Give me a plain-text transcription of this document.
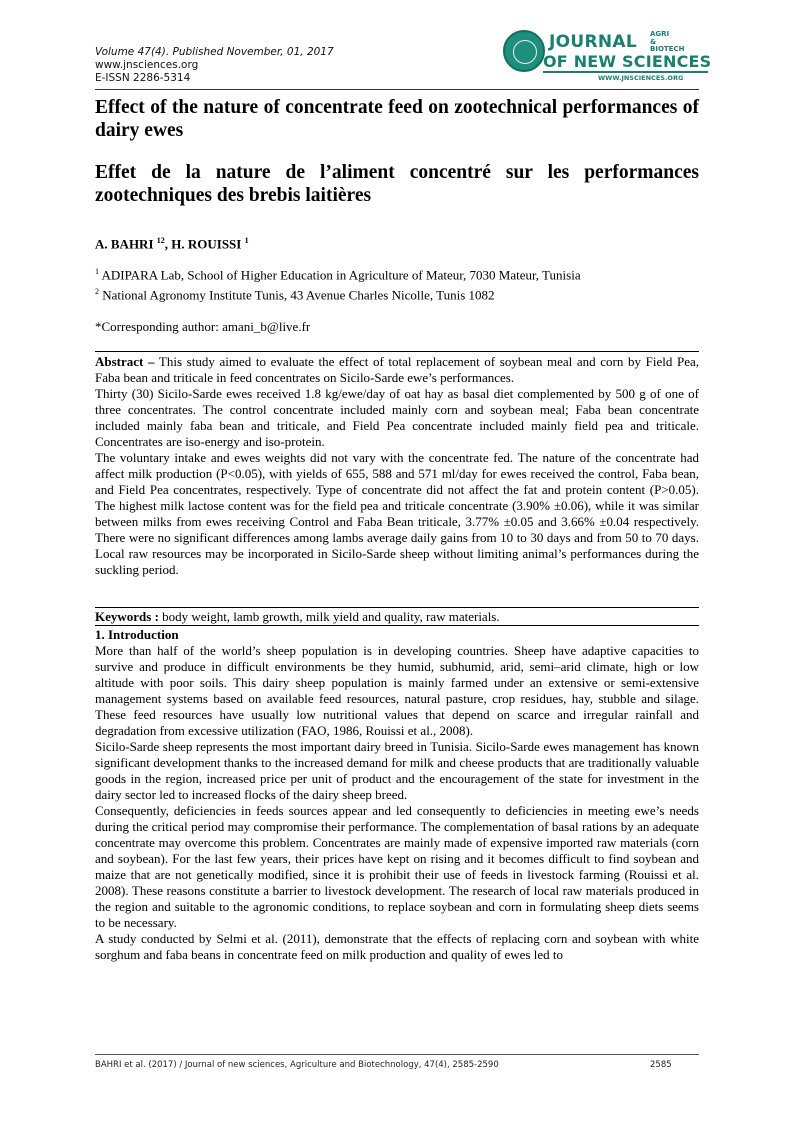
Volume 47(4). Published November, 01, 2017
www.jnsciences.org
E-ISSN 2286-5314
JOURNAL AGRI
&
BIOTECH
OF NEW SCIENCES
WWW.JNSCIENCES.ORG
Effect of the nature of concentrate feed on zootechnical performances of dairy ewes
Effet de la nature de l’aliment concentré sur les performances zootechniques des brebis laitières
A. BAHRI $^{12}$, H. ROUISSI $^1$
$^1$ ADIPARA Lab, School of Higher Education in Agriculture of Mateur, 7030 Mateur, Tunisia
$^2$ National Agronomy Institute Tunis, 43 Avenue Charles Nicolle, Tunis 1082
*Corresponding author: amani_b@live.fr

Abstract – This study aimed to evaluate the effect of total replacement of soybean meal and corn by Field Pea, Faba bean and triticale in feed concentrates on Sicilo-Sarde ewe’s performances.

Thirty (30) Sicilo-Sarde ewes received 1.8 kg/ewe/day of oat hay as basal diet complemented by 500 g of one of three concentrates. The control concentrate included mainly corn and soybean meal; Faba bean concentrate included mainly faba bean and triticale, and Field Pea concentrate included mainly field pea and triticale. Concentrates are iso-energy and iso-protein.

The voluntary intake and ewes weights did not vary with the concentrate fed. The nature of the concentrate had affect milk production (P<0.05), with yields of 655, 588 and 571 ml/day for ewes received the control, Faba bean, and Field Pea concentrates, respectively. Type of concentrate did not affect the fat and protein content (P>0.05). The highest milk lactose content was for the field pea and triticale concentrate (3.90% ±0.06), while it was similar between milks from ewes receiving Control and Faba Bean triticale, 3.77% ±0.05 and 3.66% ±0.04 respectively. There were no significant differences among lambs average daily gains from 10 to 30 days and from 50 to 70 days. Local raw resources may be incorporated in Sicilo-Sarde sheep without limiting animal’s performances during the suckling period.

Keywords : body weight, lamb growth, milk yield and quality, raw materials.
1. Introduction

More than half of the world’s sheep population is in developing countries. Sheep have adaptive capacities to survive and produce in difficult environments be they humid, subhumid, arid, semi–arid climate, high or low altitude with poor soils. This dairy sheep population is mainly farmed under an extensive or semi-extensive management systems based on available feed resources, natural pasture, crop residues, hay, stubble and silage. These feed resources have usually low nutritional values that depend on scarce and irregular rainfall and degradation from excessive utilization (FAO, 1986, Rouissi et al., 2008).

Sicilo-Sarde sheep represents the most important dairy breed in Tunisia. Sicilo-Sarde ewes management has known significant development thanks to the increased demand for milk and cheese products that are traditionally valuable goods in the region, increased price per unit of product and the encouragement of the state for investment in the dairy sector led to increased flocks of the dairy sheep breed.

Consequently, deficiencies in feeds sources appear and led consequently to deficiencies in meeting ewe’s needs during the critical period may compromise their performance. The complementation of basal rations by an adequate concentrate may overcome this problem. Concentrates are mainly made of expensive imported raw materials (corn and soybean). For the last few years, their prices have kept on rising and it becomes difficult to find soybean and maize that are not genetically modified, since it is prohibit their use of feeds in livestock farming (Rouissi et al. 2008). These reasons constitute a barrier to livestock development. The research of local raw materials produced in the region and suitable to the agronomic conditions, to replace soybean and corn in formulating sheep diets seems to be necessary.

A study conducted by Selmi et al. (2011), demonstrate that the effects of replacing corn and soybean with white sorghum and faba beans in concentrate feed on milk production and quality of ewes led to

BAHRI et al. (2017) / Journal of new sciences, Agriculture and Biotechnology, 47(4), 2585-2590	2585
